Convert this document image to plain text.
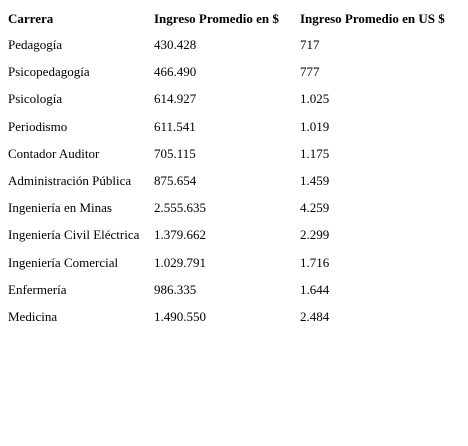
Carrera	Ingreso Promedio en $	Ingreso Promedio en US $
Pedagogía	430.428	717
Psicopedagogía	466.490	777
Psicología	614.927	1.025
Periodismo	611.541	1.019
Contador Auditor	705.115	1.175
Administración Pública	875.654	1.459
Ingeniería en Minas	2.555.635	4.259
Ingeniería Civil Eléctrica	1.379.662	2.299
Ingeniería Comercial	1.029.791	1.716
Enfermería	986.335	1.644
Medicina	1.490.550	2.484
